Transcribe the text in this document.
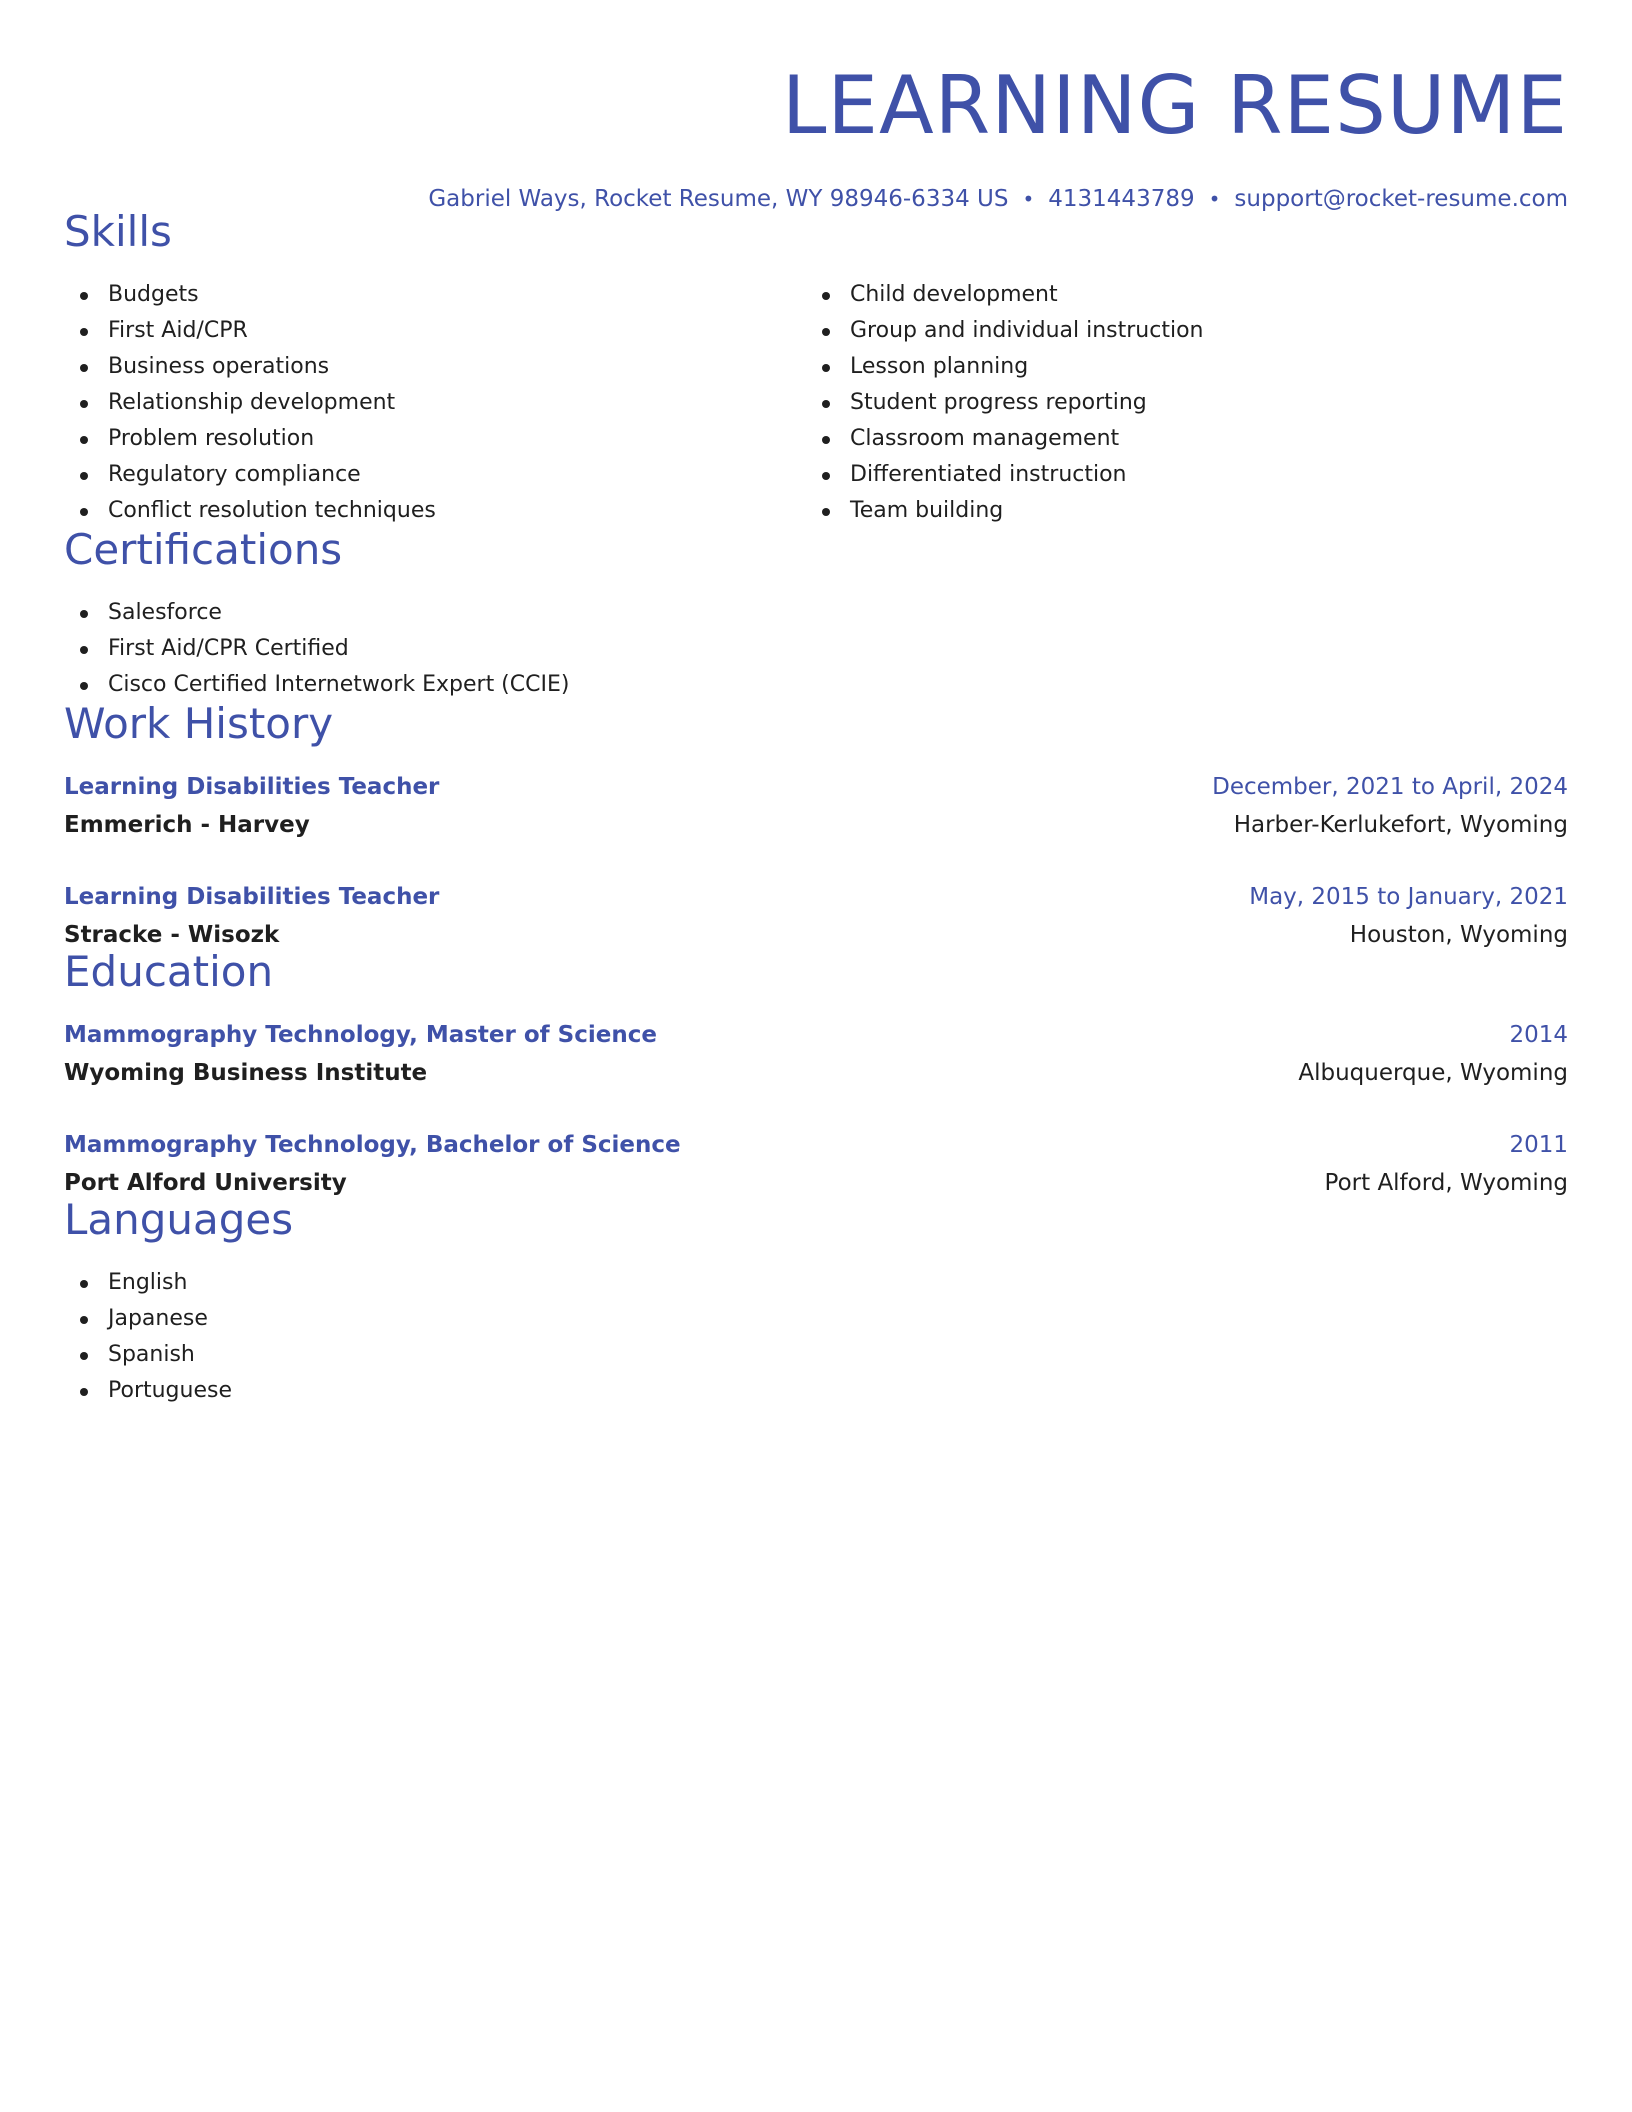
LEARNING RESUME
Gabriel Ways, Rocket Resume, WY 98946-6334 US • 4131443789 • support@rocket-resume.com
Skills
Budgets
First Aid/CPR
Business operations
Relationship development
Problem resolution
Regulatory compliance
Conflict resolution techniques
Child development
Group and individual instruction
Lesson planning
Student progress reporting
Classroom management
Differentiated instruction
Team building
Certifications
Salesforce
First Aid/CPR Certified
Cisco Certified Internetwork Expert (CCIE)
Work History
Learning Disabilities Teacher	December, 2021 to April, 2024
Emmerich - Harvey	Harber-Kerlukefort, Wyoming
Learning Disabilities Teacher	May, 2015 to January, 2021
Stracke - Wisozk	Houston, Wyoming
Education
Mammography Technology, Master of Science	2014
Wyoming Business Institute	Albuquerque, Wyoming
Mammography Technology, Bachelor of Science	2011
Port Alford University	Port Alford, Wyoming
Languages
English
Japanese
Spanish
Portuguese
